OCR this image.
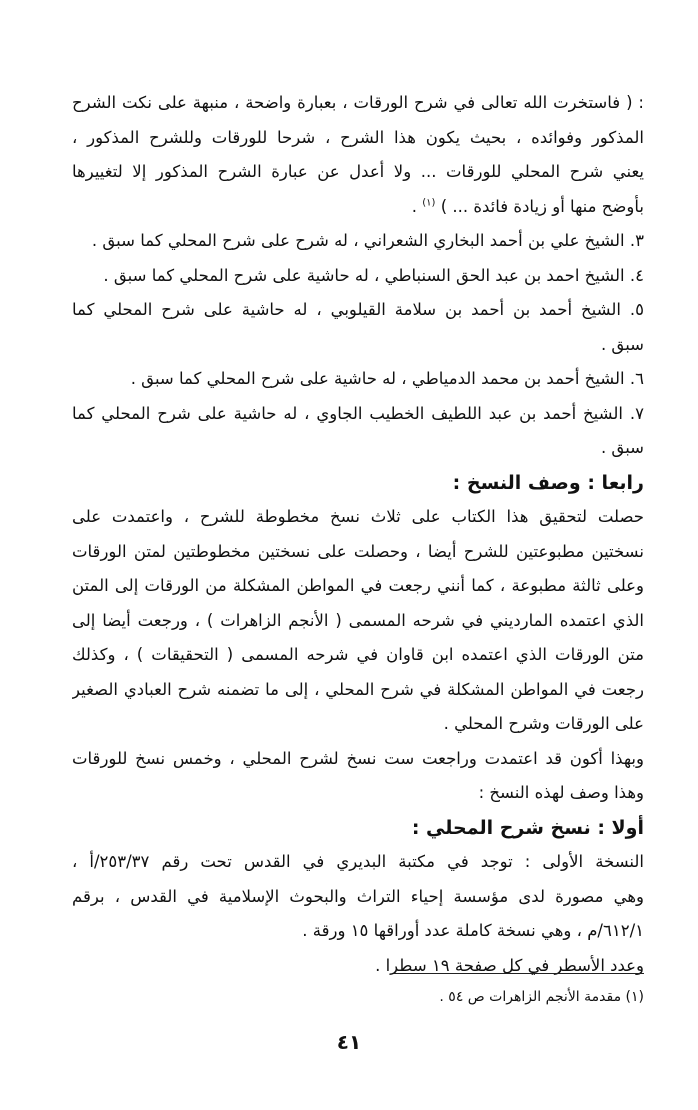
: ( فاستخرت الله تعالى في شرح الورقات ، بعبارة واضحة ، منبهة على نكت الشرح
المذكور وفوائده ، بحيث يكون هذا الشرح ، شرحا للورقات وللشرح المذكور ،
يعني شرح المحلي للورقات ... ولا أعدل عن عبارة الشرح المذكور إلا لتغييرها
بأوضح منها أو زيادة فائدة ... ) $^{(١)}$ .
٣. الشيخ علي بن أحمد البخاري الشعراني ، له شرح على شرح المحلي كما سبق .
٤. الشيخ احمد بن عبد الحق السنباطي ، له حاشية على شرح المحلي كما سبق .
٥. الشيخ أحمد بن أحمد بن سلامة القيلوبي ، له حاشية على شرح المحلي كما
سبق .
٦. الشيخ أحمد بن محمد الدمياطي ، له حاشية على شرح المحلي كما سبق .
٧. الشيخ أحمد بن عبد اللطيف الخطيب الجاوي ، له حاشية على شرح المحلي كما
سبق .
رابعا : وصف النسخ :
حصلت لتحقيق هذا الكتاب على ثلاث نسخ مخطوطة للشرح ، واعتمدت على
نسختين مطبوعتين للشرح أيضا ، وحصلت على نسختين مخطوطتين لمتن الورقات
وعلى ثالثة مطبوعة ، كما أنني رجعت في المواطن المشكلة من الورقات إلى المتن
الذي اعتمده المارديني في شرحه المسمى ( الأنجم الزاهرات ) ، ورجعت أيضا إلى
متن الورقات الذي اعتمده ابن قاوان في شرحه المسمى ( التحقيقات ) ، وكذلك
رجعت في المواطن المشكلة في شرح المحلي ، إلى ما تضمنه شرح العبادي الصغير
على الورقات وشرح المحلي .
وبهذا أكون قد اعتمدت وراجعت ست نسخ لشرح المحلي ، وخمس نسخ للورقات
وهذا وصف لهذه النسخ :
أولا : نسخ شرح المحلي :
النسخة الأولى : توجد في مكتبة البديري في القدس تحت رقم ٢٥٣/٣٧/أ ،
وهي مصورة لدى مؤسسة إحياء التراث والبحوث الإسلامية في القدس ، برقم
٦١٢/١/م ، وهي نسخة كاملة عدد أوراقها ١٥ ورقة .
وعدد الأسطر في كل صفحة ١٩ سطرا .
(١) مقدمة الأنجم الزاهرات ص ٥٤ .
٤١
